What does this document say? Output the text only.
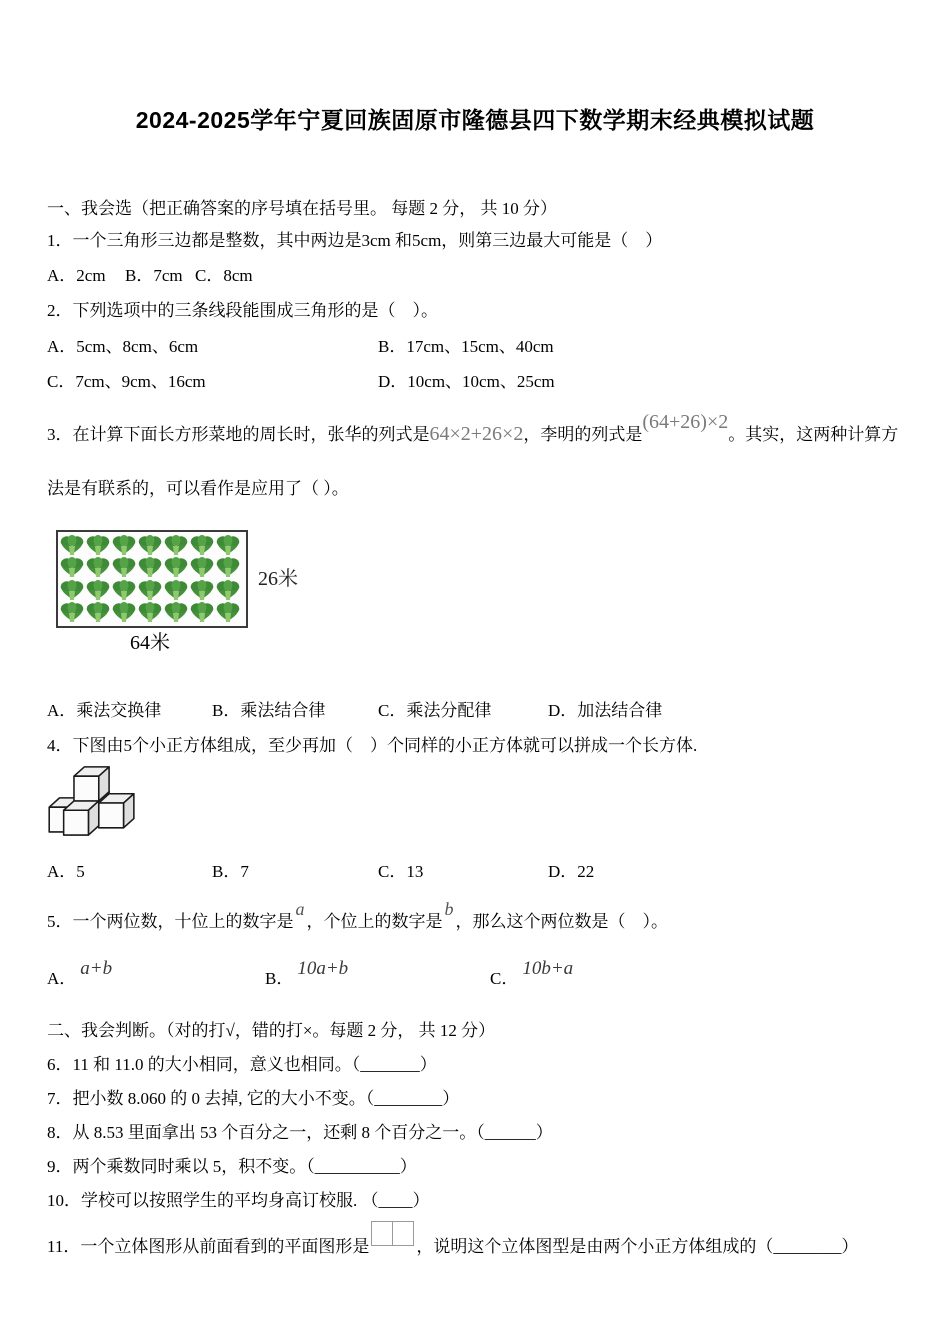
2024-2025学年宁夏回族固原市隆德县四下数学期末经典模拟试题
一、我会选（把正确答案的序号填在括号里。 每题 2 分， 共 10 分）
1．一个三角形三边都是整数，其中两边是3cm 和5cm，则第三边最大可能是（　）
A．2cm	B．7cm C．8cm
2．下列选项中的三条线段能围成三角形的是（　）。
A．5cm、8cm、6cm	B．17cm、15cm、40cm
C．7cm、9cm、16cm	D．10cm、10cm、25cm
3．在计算下面长方形菜地的周长时，张华的列式是64×2+26×2，李明的列式是(64+26)×2。其实，这两种计算方法是有联系的，可以看作是应用了（ ）。
26米
64米
A．乘法交换律	B．乘法结合律	C．乘法分配律	D．加法结合律
4．下图由5个小正方体组成，至少再加（　）个同样的小正方体就可以拼成一个长方体.
A．5	B．7	C．13	D．22
5．一个两位数，十位上的数字是a，个位上的数字是b，那么这个两位数是（　）。
A． a+b	B． 10a+b	C． 10b+a
二、我会判断。（对的打√，错的打×。每题 2 分， 共 12 分）
6．11 和 11.0 的大小相同，意义也相同。（_______）
7．把小数 8.060 的 0 去掉, 它的大小不变。（________）
8．从 8.53 里面拿出 53 个百分之一，还剩 8 个百分之一。（______）
9．两个乘数同时乘以 5，积不变。（__________）
10．学校可以按照学生的平均身高订校服. （____）
11．一个立体图形从前面看到的平面图形是	，说明这个立体图型是由两个小正方体组成的（________）
